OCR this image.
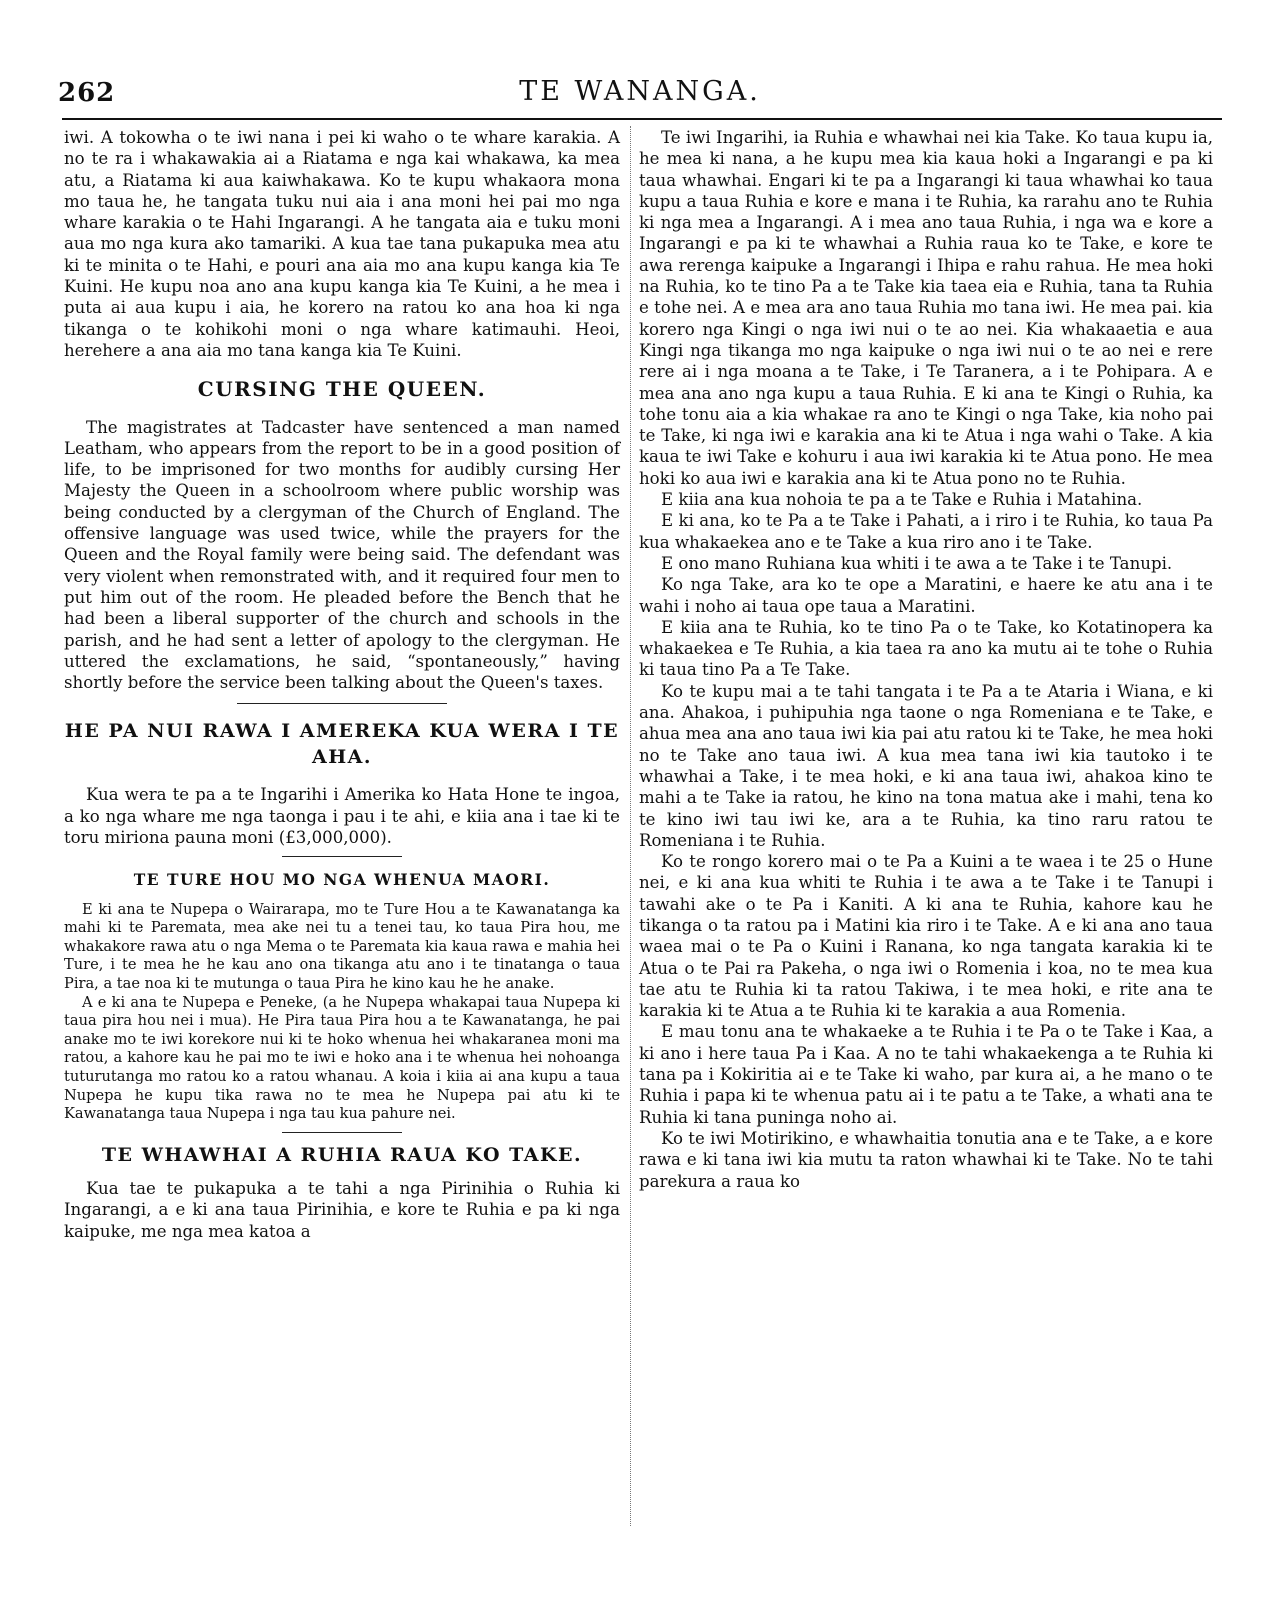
262	TE WANANGA.

iwi. A tokowha o te iwi nana i pei ki waho o te whare karakia. A no te ra i whakawakia ai a Riatama e nga kai whakawa, ka mea atu, a Riatama ki aua kaiwhakawa. Ko te kupu whakaora mona mo taua he, he tangata tuku nui aia i ana moni hei pai mo nga whare karakia o te Hahi Ingarangi. A he tangata aia e tuku moni aua mo nga kura ako tamariki. A kua tae tana pukapuka mea atu ki te minita o te Hahi, e pouri ana aia mo ana kupu kanga kia Te Kuini. He kupu noa ano ana kupu kanga kia Te Kuini, a he mea i puta ai aua kupu i aia, he korero na ratou ko ana hoa ki nga tikanga o te kohikohi moni o nga whare katimauhi. Heoi, herehere a ana aia mo tana kanga kia Te Kuini.

CURSING THE QUEEN.

The magistrates at Tadcaster have sentenced a man named Leatham, who appears from the report to be in a good position of life, to be imprisoned for two months for audibly cursing Her Majesty the Queen in a schoolroom where public worship was being conducted by a clergyman of the Church of England. The offensive language was used twice, while the prayers for the Queen and the Royal family were being said. The defendant was very violent when remonstrated with, and it required four men to put him out of the room. He pleaded before the Bench that he had been a liberal supporter of the church and schools in the parish, and he had sent a letter of apology to the clergyman. He uttered the exclamations, he said, “spontaneously,” having shortly before the service been talking about the Queen's taxes.

HE PA NUI RAWA I AMEREKA KUA WERA I TE AHA.

Kua wera te pa a te Ingarihi i Amerika ko Hata Hone te ingoa, a ko nga whare me nga taonga i pau i te ahi, e kiia ana i tae ki te toru miriona pauna moni (£3,000,000).

TE TURE HOU MO NGA WHENUA MAORI.

E ki ana te Nupepa o Wairarapa, mo te Ture Hou a te Kawanatanga ka mahi ki te Paremata, mea ake nei tu a tenei tau, ko taua Pira hou, me whakakore rawa atu o nga Mema o te Paremata kia kaua rawa e mahia hei Ture, i te mea he he kau ano ona tikanga atu ano i te tinatanga o taua Pira, a tae noa ki te mutunga o taua Pira he kino kau he he anake.

A e ki ana te Nupepa e Peneke, (a he Nupepa whakapai taua Nupepa ki taua pira hou nei i mua). He Pira taua Pira hou a te Kawanatanga, he pai anake mo te iwi korekore nui ki te hoko whenua hei whakaranea moni ma ratou, a kahore kau he pai mo te iwi e hoko ana i te whenua hei nohoanga tuturutanga mo ratou ko a ratou whanau. A koia i kiia ai ana kupu a taua Nupepa he kupu tika rawa no te mea he Nupepa pai atu ki te Kawanatanga taua Nupepa i nga tau kua pahure nei.

TE WHAWHAI A RUHIA RAUA KO TAKE.

Kua tae te pukapuka a te tahi a nga Pirinihia o Ruhia ki Ingarangi, a e ki ana taua Pirinihia, e kore te Ruhia e pa ki nga kaipuke, me nga mea katoa a

Te iwi Ingarihi, ia Ruhia e whawhai nei kia Take. Ko taua kupu ia, he mea ki nana, a he kupu mea kia kaua hoki a Ingarangi e pa ki taua whawhai. Engari ki te pa a Ingarangi ki taua whawhai ko taua kupu a taua Ruhia e kore e mana i te Ruhia, ka rarahu ano te Ruhia ki nga mea a Ingarangi. A i mea ano taua Ruhia, i nga wa e kore a Ingarangi e pa ki te whawhai a Ruhia raua ko te Take, e kore te awa rerenga kaipuke a Ingarangi i Ihipa e rahu rahua. He mea hoki na Ruhia, ko te tino Pa a te Take kia taea eia e Ruhia, tana ta Ruhia e tohe nei. A e mea ara ano taua Ruhia mo tana iwi. He mea pai. kia korero nga Kingi o nga iwi nui o te ao nei. Kia whakaaetia e aua Kingi nga tikanga mo nga kaipuke o nga iwi nui o te ao nei e rere rere ai i nga moana a te Take, i Te Taranera, a i te Pohipara. A e mea ana ano nga kupu a taua Ruhia. E ki ana te Kingi o Ruhia, ka tohe tonu aia a kia whakae ra ano te Kingi o nga Take, kia noho pai te Take, ki nga iwi e karakia ana ki te Atua i nga wahi o Take. A kia kaua te iwi Take e kohuru i aua iwi karakia ki te Atua pono. He mea hoki ko aua iwi e karakia ana ki te Atua pono no te Ruhia.

E kiia ana kua nohoia te pa a te Take e Ruhia i Matahina.

E ki ana, ko te Pa a te Take i Pahati, a i riro i te Ruhia, ko taua Pa kua whakaekea ano e te Take a kua riro ano i te Take.

E ono mano Ruhiana kua whiti i te awa a te Take i te Tanupi.

Ko nga Take, ara ko te ope a Maratini, e haere ke atu ana i te wahi i noho ai taua ope taua a Maratini.

E kiia ana te Ruhia, ko te tino Pa o te Take, ko Kotatinopera ka whakaekea e Te Ruhia, a kia taea ra ano ka mutu ai te tohe o Ruhia ki taua tino Pa a Te Take.

Ko te kupu mai a te tahi tangata i te Pa a te Ataria i Wiana, e ki ana. Ahakoa, i puhipuhia nga taone o nga Romeniana e te Take, e ahua mea ana ano taua iwi kia pai atu ratou ki te Take, he mea hoki no te Take ano taua iwi. A kua mea tana iwi kia tautoko i te whawhai a Take, i te mea hoki, e ki ana taua iwi, ahakoa kino te mahi a te Take ia ratou, he kino na tona matua ake i mahi, tena ko te kino iwi tau iwi ke, ara a te Ruhia, ka tino raru ratou te Romeniana i te Ruhia.

Ko te rongo korero mai o te Pa a Kuini a te waea i te 25 o Hune nei, e ki ana kua whiti te Ruhia i te awa a te Take i te Tanupi i tawahi ake o te Pa i Kaniti. A ki ana te Ruhia, kahore kau he tikanga o ta ratou pa i Matini kia riro i te Take. A e ki ana ano taua waea mai o te Pa o Kuini i Ranana, ko nga tangata karakia ki te Atua o te Pai ra Pakeha, o nga iwi o Romenia i koa, no te mea kua tae atu te Ruhia ki ta ratou Takiwa, i te mea hoki, e rite ana te karakia ki te Atua a te Ruhia ki te karakia a aua Romenia.

E mau tonu ana te whakaeke a te Ruhia i te Pa o te Take i Kaa, a ki ano i here taua Pa i Kaa. A no te tahi whakaekenga a te Ruhia ki tana pa i Kokiritia ai e te Take ki waho, par kura ai, a he mano o te Ruhia i papa ki te whenua patu ai i te patu a te Take, a whati ana te Ruhia ki tana puninga noho ai.

Ko te iwi Motirikino, e whawhaitia tonutia ana e te Take, a e kore rawa e ki tana iwi kia mutu ta raton whawhai ki te Take. No te tahi parekura a raua ko
